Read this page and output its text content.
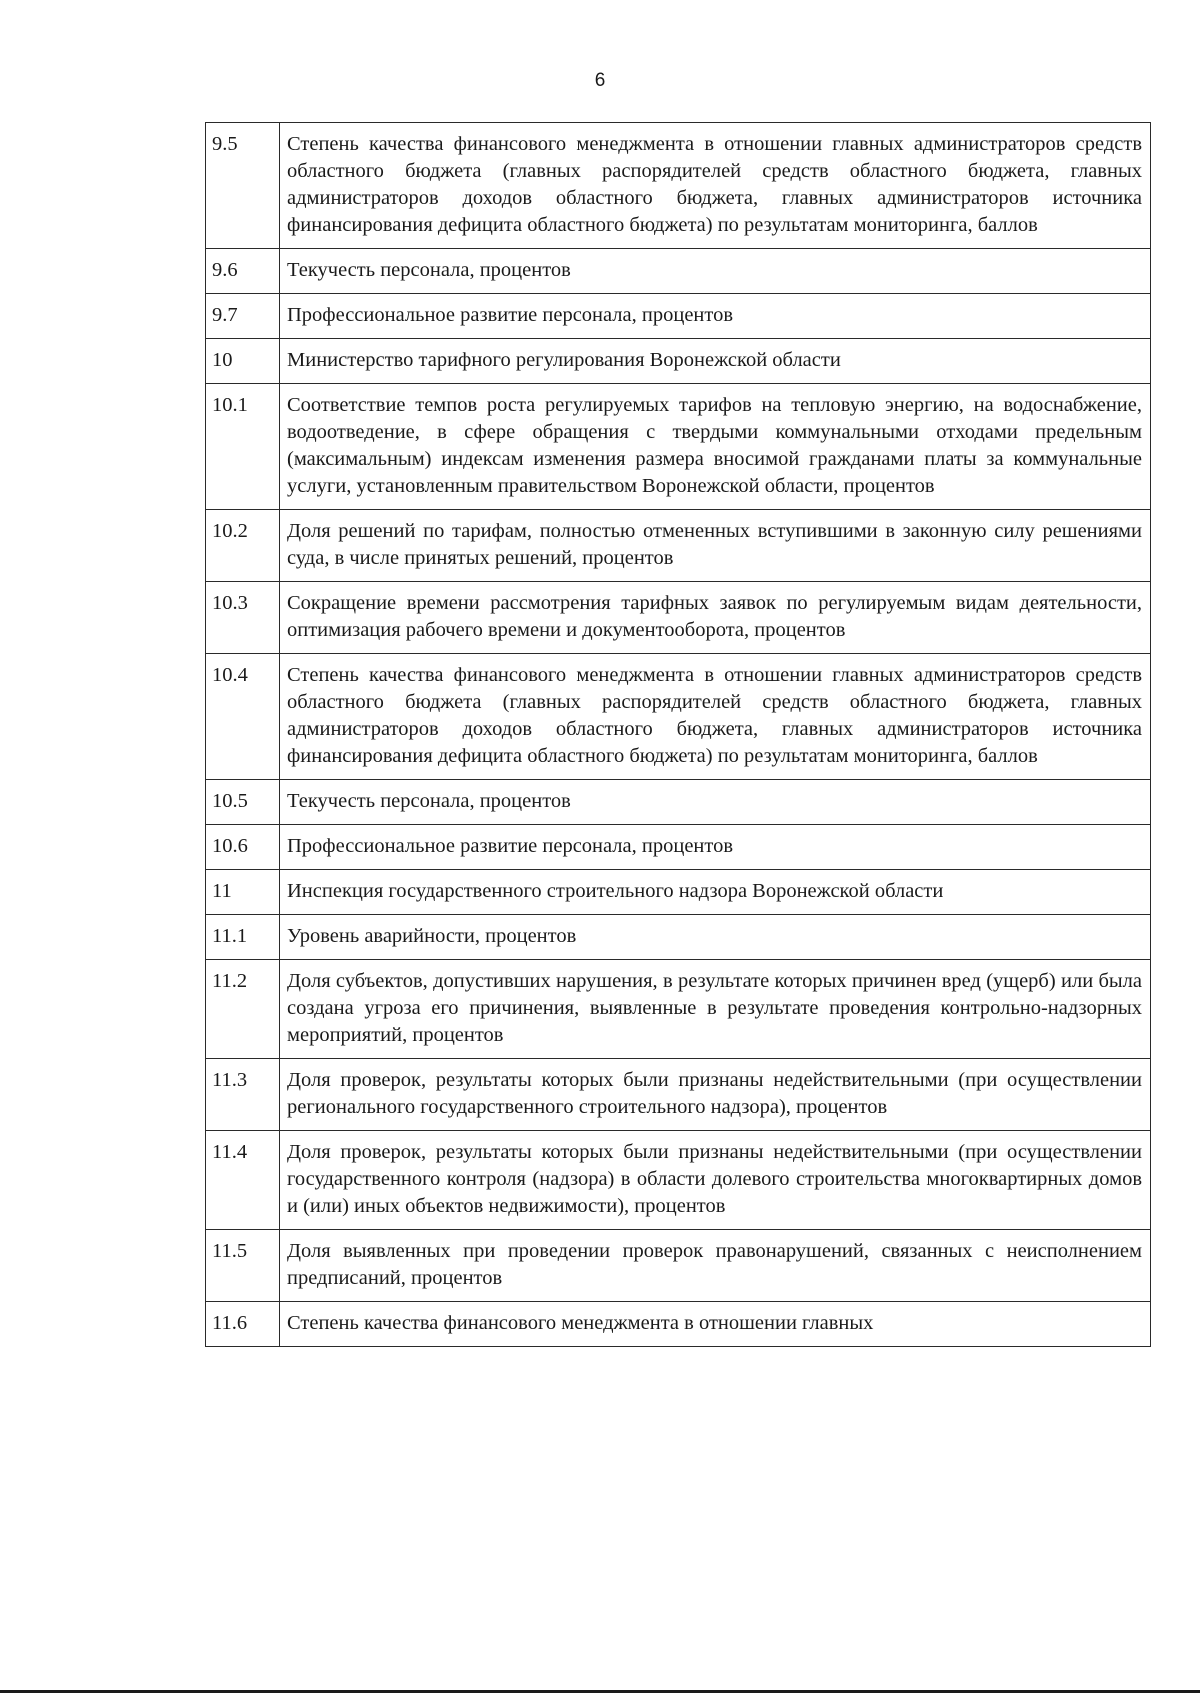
6
9.5	Степень качества финансового менеджмента в отношении главных администраторов средств областного бюджета (главных распорядителей средств областного бюджета, главных администраторов доходов областного бюджета, главных администраторов источника финансирования дефицита областного бюджета) по результатам мониторинга, баллов
9.6	Текучесть персонала, процентов
9.7	Профессиональное развитие персонала, процентов
10	Министерство тарифного регулирования Воронежской области
10.1	Соответствие темпов роста регулируемых тарифов на тепловую энергию, на водоснабжение, водоотведение, в сфере обращения с твердыми коммунальными отходами предельным (максимальным) индексам изменения размера вносимой гражданами платы за коммунальные услуги, установленным правительством Воронежской области, процентов
10.2	Доля решений по тарифам, полностью отмененных вступившими в законную силу решениями суда, в числе принятых решений, процентов
10.3	Сокращение времени рассмотрения тарифных заявок по регулируемым видам деятельности, оптимизация рабочего времени и документооборота, процентов
10.4	Степень качества финансового менеджмента в отношении главных администраторов средств областного бюджета (главных распорядителей средств областного бюджета, главных администраторов доходов областного бюджета, главных администраторов источника финансирования дефицита областного бюджета) по результатам мониторинга, баллов
10.5	Текучесть персонала, процентов
10.6	Профессиональное развитие персонала, процентов
11	Инспекция государственного строительного надзора Воронежской области
11.1	Уровень аварийности, процентов
11.2	Доля субъектов, допустивших нарушения, в результате которых причинен вред (ущерб) или была создана угроза его причинения, выявленные в результате проведения контрольно-надзорных мероприятий, процентов
11.3	Доля проверок, результаты которых были признаны недействительными (при осуществлении регионального государственного строительного надзора), процентов
11.4	Доля проверок, результаты которых были признаны недействительными (при осуществлении государственного контроля (надзора) в области долевого строительства многоквартирных домов и (или) иных объектов недвижимости), процентов
11.5	Доля выявленных при проведении проверок правонарушений, связанных с неисполнением предписаний, процентов
11.6	Степень качества финансового менеджмента в отношении главных
